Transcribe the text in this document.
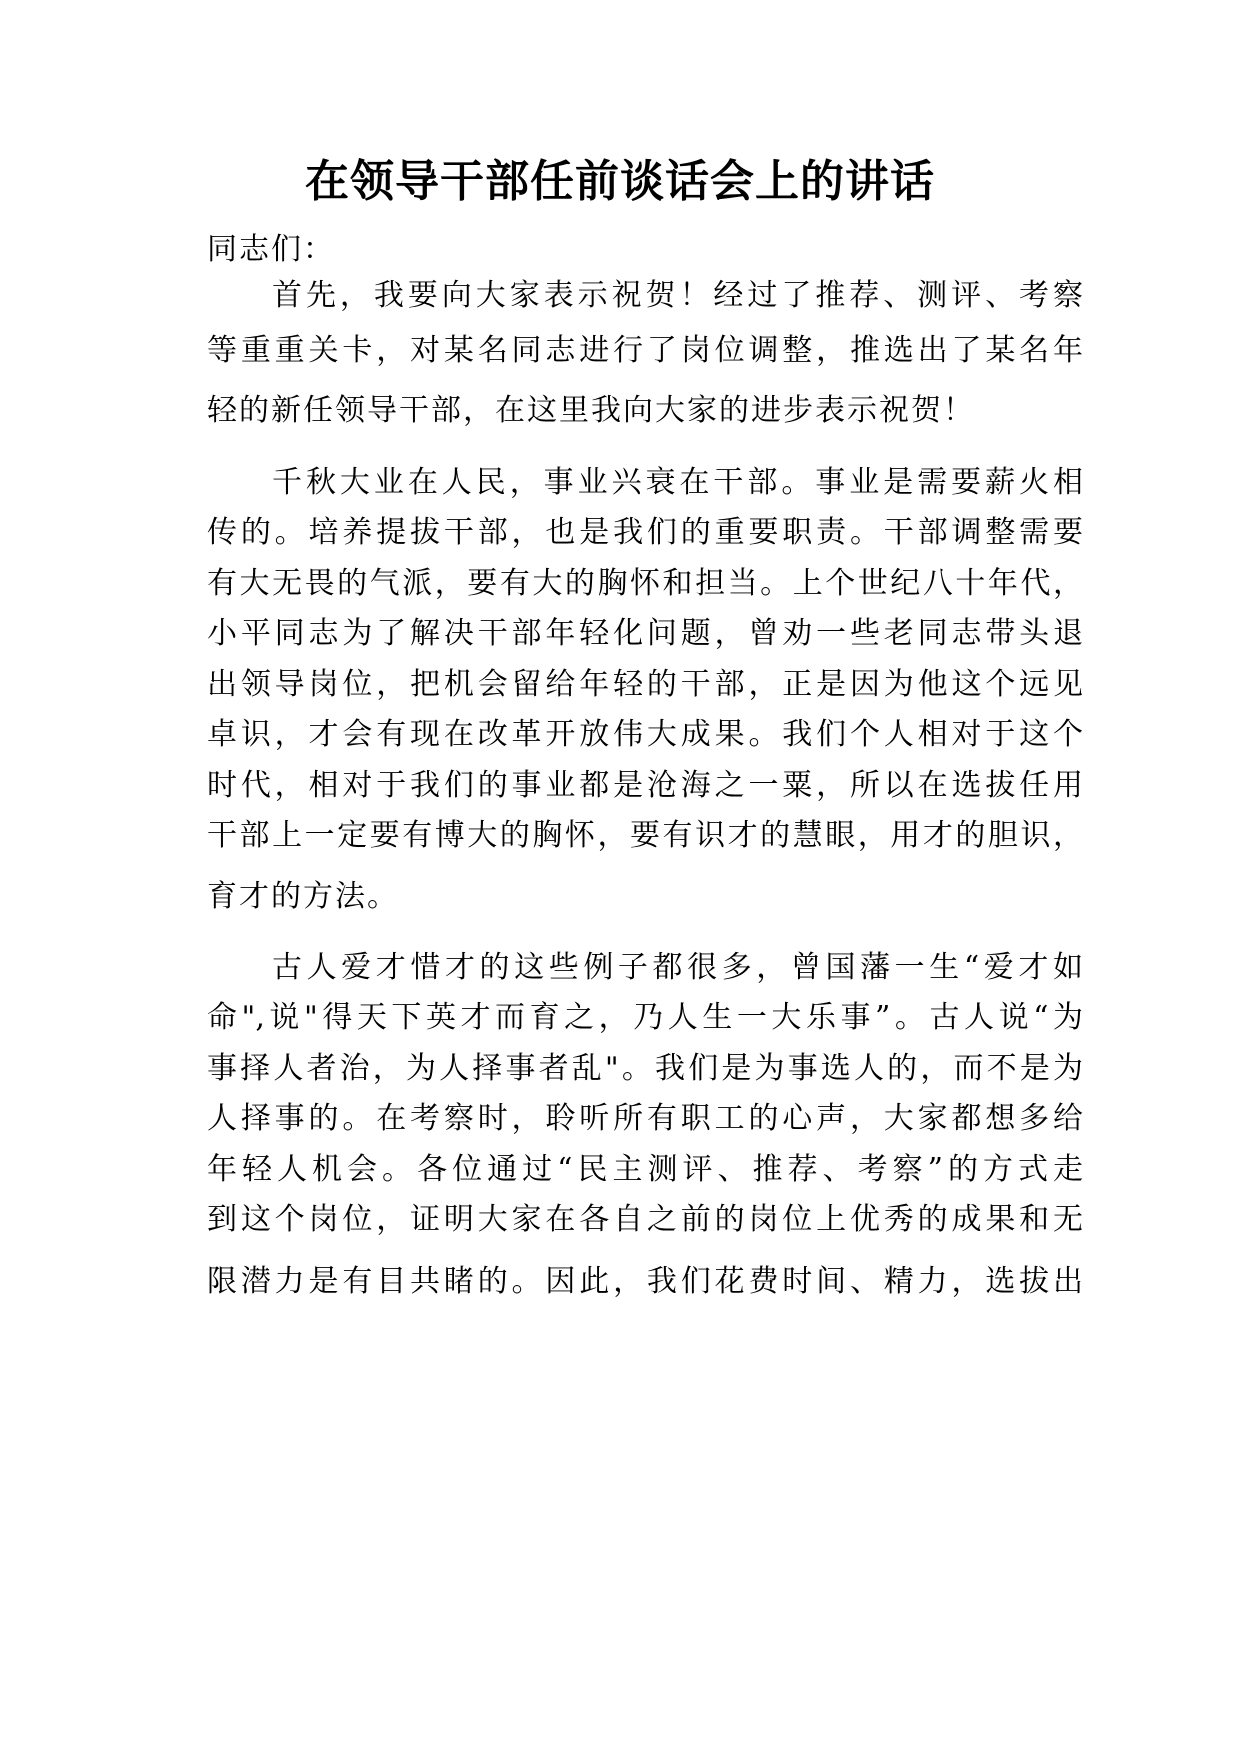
在领导干部任前谈话会上的讲话
同志们：
首先，我要向大家表示祝贺！经过了推荐、测评、考察
等重重关卡，对某名同志进行了岗位调整，推选出了某名年
轻的新任领导干部，在这里我向大家的进步表示祝贺！
千秋大业在人民，事业兴衰在干部。事业是需要薪火相
传的。培养提拔干部，也是我们的重要职责。干部调整需要
有大无畏的气派，要有大的胸怀和担当。上个世纪八十年代，
小平同志为了解决干部年轻化问题，曾劝一些老同志带头退
出领导岗位，把机会留给年轻的干部，正是因为他这个远见
卓识，才会有现在改革开放伟大成果。我们个人相对于这个
时代，相对于我们的事业都是沧海之一粟，所以在选拔任用
干部上一定要有博大的胸怀，要有识才的慧眼，用才的胆识，
育才的方法。
古人爱才惜才的这些例子都很多，曾国藩一生“爱才如
命",说"得天下英才而育之，乃人生一大乐事”。古人说“为
事择人者治，为人择事者乱"。我们是为事选人的，而不是为
人择事的。在考察时，聆听所有职工的心声，大家都想多给
年轻人机会。各位通过“民主测评、推荐、考察”的方式走
到这个岗位，证明大家在各自之前的岗位上优秀的成果和无
限潜力是有目共睹的。因此，我们花费时间、精力，选拔出
